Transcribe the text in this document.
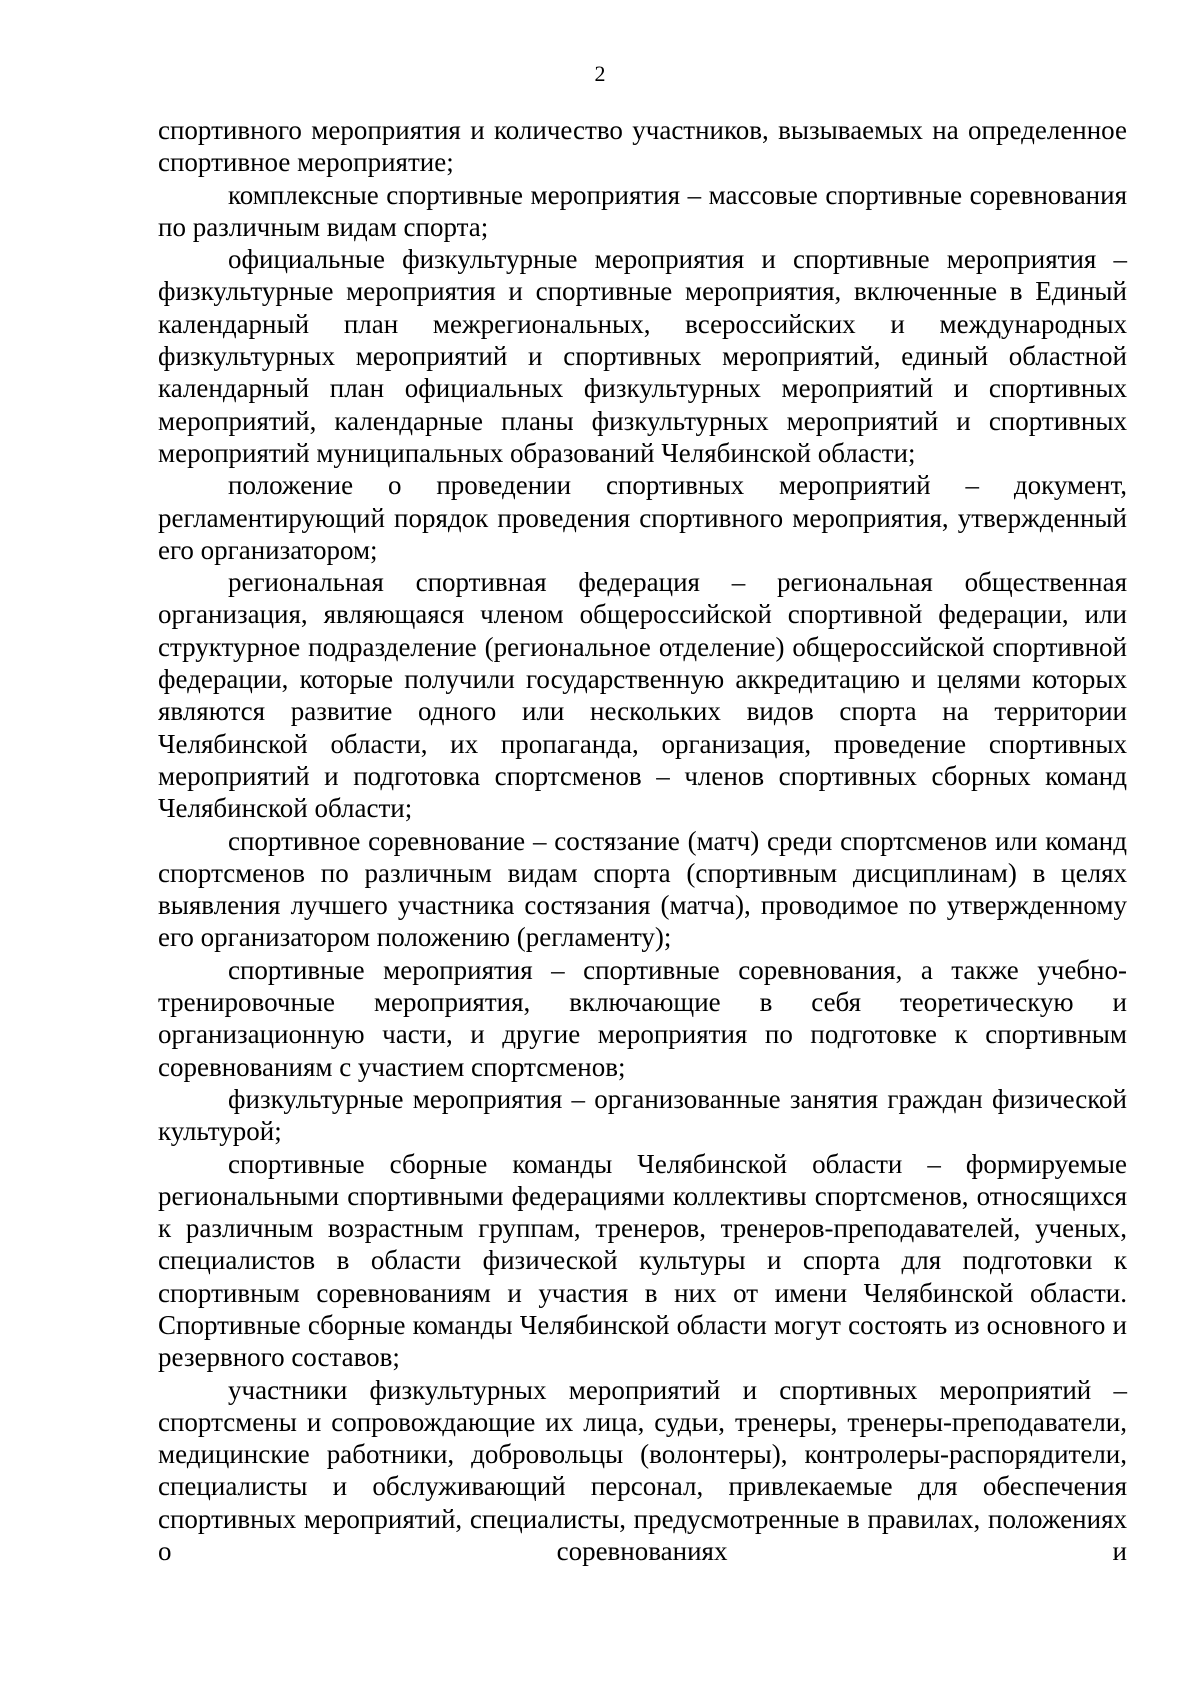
2

спортивного мероприятия и количество участников, вызываемых на определенное спортивное мероприятие;

комплексные спортивные мероприятия – массовые спортивные соревнования по различным видам спорта;

официальные физкультурные мероприятия и спортивные мероприятия – физкультурные мероприятия и спортивные мероприятия, включенные в Единый календарный план межрегиональных, всероссийских и международных физкультурных мероприятий и спортивных мероприятий, единый областной календарный план официальных физкультурных мероприятий и спортивных мероприятий, календарные планы физкультурных мероприятий и спортивных мероприятий муниципальных образований Челябинской области;

положение о проведении спортивных мероприятий – документ, регламентирующий порядок проведения спортивного мероприятия, утвержденный его организатором;

региональная спортивная федерация – региональная общественная организация, являющаяся членом общероссийской спортивной федерации, или структурное подразделение (региональное отделение) общероссийской спортивной федерации, которые получили государственную аккредитацию и целями которых являются развитие одного или нескольких видов спорта на территории Челябинской области, их пропаганда, организация, проведение спортивных мероприятий и подготовка спортсменов – членов спортивных сборных команд Челябинской области;

спортивное соревнование – состязание (матч) среди спортсменов или команд спортсменов по различным видам спорта (спортивным дисциплинам) в целях выявления лучшего участника состязания (матча), проводимое по утвержденному его организатором положению (регламенту);

спортивные мероприятия – спортивные соревнования, а также учебно-тренировочные мероприятия, включающие в себя теоретическую и организационную части, и другие мероприятия по подготовке к спортивным соревнованиям с участием спортсменов;

физкультурные мероприятия – организованные занятия граждан физической культурой;

спортивные сборные команды Челябинской области – формируемые региональными спортивными федерациями коллективы спортсменов, относящихся к различным возрастным группам, тренеров, тренеров-преподавателей, ученых, специалистов в области физической культуры и спорта для подготовки к спортивным соревнованиям и участия в них от имени Челябинской области. Спортивные сборные команды Челябинской области могут состоять из основного и резервного составов;

участники физкультурных мероприятий и спортивных мероприятий – спортсмены и сопровождающие их лица, судьи, тренеры, тренеры-преподаватели, медицинские работники, добровольцы (волонтеры), контролеры-распорядители, специалисты и обслуживающий персонал, привлекаемые для обеспечения спортивных мероприятий, специалисты, предусмотренные в правилах, положениях о соревнованиях и
